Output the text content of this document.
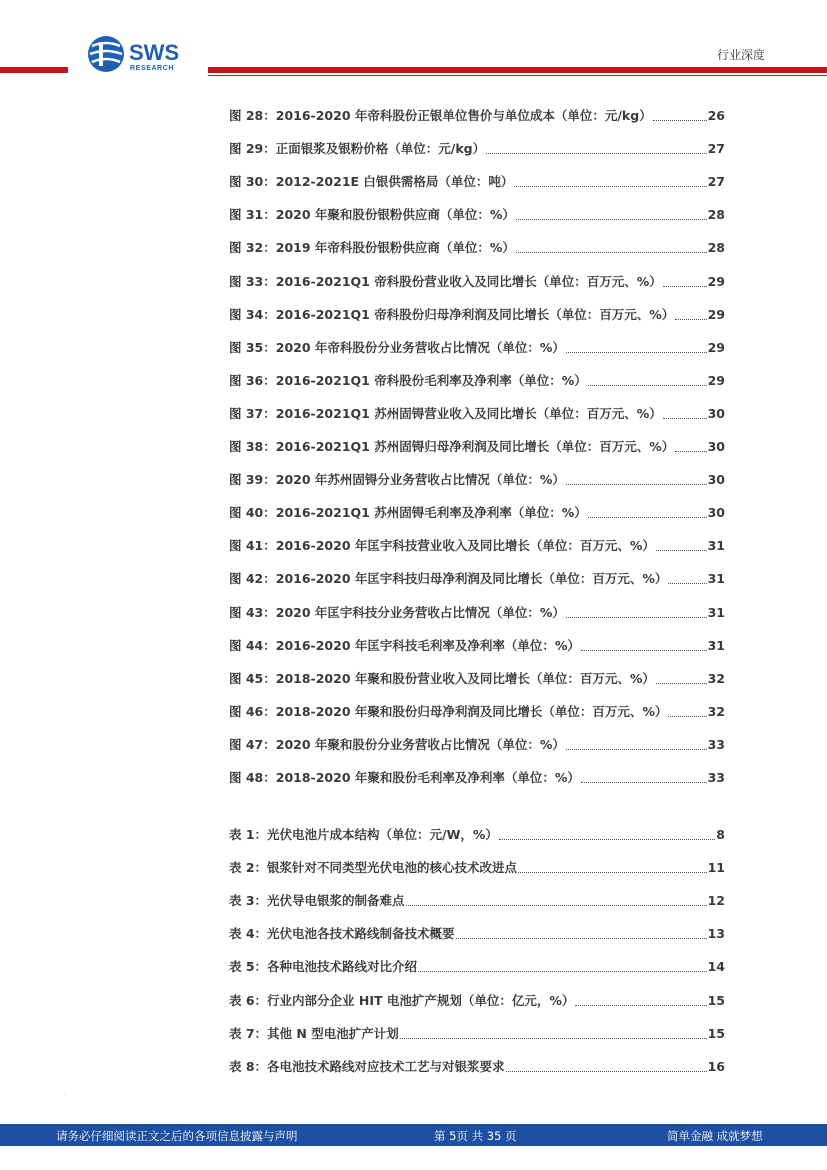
SWS
RESEARCH
行业深度
图 28：2016-2020 年帝科股份正银单位售价与单位成本（单位：元/kg）	26
图 29：正面银浆及银粉价格（单位：元/kg）	27
图 30：2012-2021E 白银供需格局（单位：吨）	27
图 31：2020 年聚和股份银粉供应商（单位：%）	28
图 32：2019 年帝科股份银粉供应商（单位：%）	28
图 33：2016-2021Q1 帝科股份营业收入及同比增长（单位：百万元、%）	29
图 34：2016-2021Q1 帝科股份归母净利润及同比增长（单位：百万元、%）	29
图 35：2020 年帝科股份分业务营收占比情况（单位：%）	29
图 36：2016-2021Q1 帝科股份毛利率及净利率（单位：%）	29
图 37：2016-2021Q1 苏州固锝营业收入及同比增长（单位：百万元、%）	30
图 38：2016-2021Q1 苏州固锝归母净利润及同比增长（单位：百万元、%）	30
图 39：2020 年苏州固锝分业务营收占比情况（单位：%）	30
图 40：2016-2021Q1 苏州固锝毛利率及净利率（单位：%）	30
图 41：2016-2020 年匡宇科技营业收入及同比增长（单位：百万元、%）	31
图 42：2016-2020 年匡宇科技归母净利润及同比增长（单位：百万元、%）	31
图 43：2020 年匡宇科技分业务营收占比情况（单位：%）	31
图 44：2016-2020 年匡宇科技毛利率及净利率（单位：%）	31
图 45：2018-2020 年聚和股份营业收入及同比增长（单位：百万元、%）	32
图 46：2018-2020 年聚和股份归母净利润及同比增长（单位：百万元、%）	32
图 47：2020 年聚和股份分业务营收占比情况（单位：%）	33
图 48：2018-2020 年聚和股份毛利率及净利率（单位：%）	33
表 1：光伏电池片成本结构（单位：元/W，%）	8
表 2：银浆针对不同类型光伏电池的核心技术改进点	11
表 3：光伏导电银浆的制备难点	12
表 4：光伏电池各技术路线制备技术概要	13
表 5：各种电池技术路线对比介绍	14
表 6：行业内部分企业 HIT 电池扩产规划（单位：亿元，%）	15
表 7：其他 N 型电池扩产计划	15
表 8：各电池技术路线对应技术工艺与对银浆要求	16
·
请务必仔细阅读正文之后的各项信息披露与声明	第 5页 共 35 页	简单金融 成就梦想
